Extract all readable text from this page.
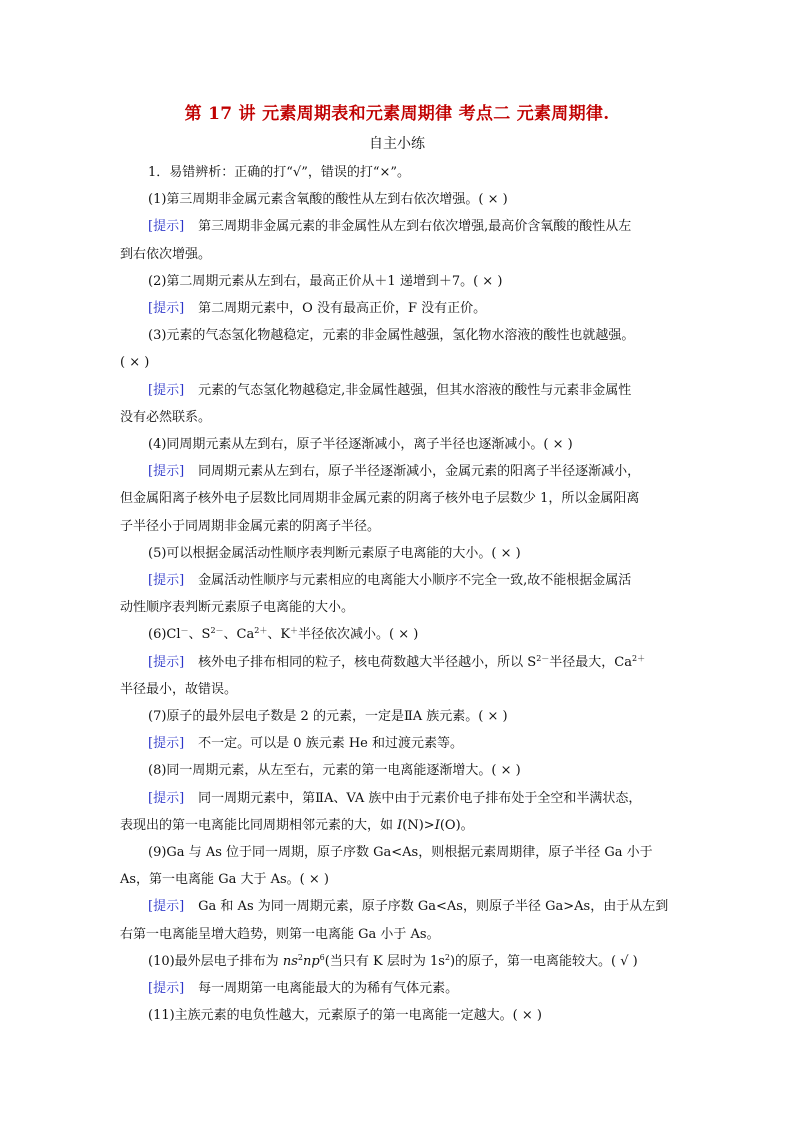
第 17 讲 元素周期表和元素周期律 考点二 元素周期律.
自主小练
1．易错辨析：正确的打“√”，错误的打“×”。
(1)第三周期非金属元素含氧酸的酸性从左到右依次增强。( × )
[提示] 第三周期非金属元素的非金属性从左到右依次增强,最高价含氧酸的酸性从左
到右依次增强。
(2)第二周期元素从左到右，最高正价从＋1 递增到＋7。( × )
[提示] 第二周期元素中，O 没有最高正价，F 没有正价。
(3)元素的气态氢化物越稳定，元素的非金属性越强，氢化物水溶液的酸性也就越强。
( × )
[提示] 元素的气态氢化物越稳定,非金属性越强，但其水溶液的酸性与元素非金属性
没有必然联系。
(4)同周期元素从左到右，原子半径逐渐减小，离子半径也逐渐减小。( × )
[提示] 同周期元素从左到右，原子半径逐渐减小，金属元素的阳离子半径逐渐减小，
但金属阳离子核外电子层数比同周期非金属元素的阴离子核外电子层数少 1，所以金属阳离
子半径小于同周期非金属元素的阴离子半径。
(5)可以根据金属活动性顺序表判断元素原子电离能的大小。( × )
[提示] 金属活动性顺序与元素相应的电离能大小顺序不完全一致,故不能根据金属活
动性顺序表判断元素原子电离能的大小。
(6)Cl－、$S^{2-}$、$Ca^{2+}$、K＋半径依次减小。( × )
[提示] 核外电子排布相同的粒子，核电荷数越大半径越小，所以 $S^{2-}$半径最大，$Ca^{2+}$
半径最小，故错误。
(7)原子的最外层电子数是 2 的元素，一定是ⅡA 族元素。( × )
[提示] 不一定。可以是 0 族元素 He 和过渡元素等。
(8)同一周期元素，从左至右，元素的第一电离能逐渐增大。( × )
[提示] 同一周期元素中，第ⅡA、VA 族中由于元素价电子排布处于全空和半满状态，
表现出的第一电离能比同周期相邻元素的大，如 I(N)>I(O)。
(9)Ga 与 As 位于同一周期，原子序数 Ga<As，则根据元素周期律，原子半径 Ga 小于
As，第一电离能 Ga 大于 As。( × )
[提示] Ga 和 As 为同一周期元素，原子序数 Ga<As，则原子半径 Ga>As，由于从左到
右第一电离能呈增大趋势，则第一电离能 Ga 小于 As。
(10)最外层电子排布为 $ns^2np^6$(当只有 K 层时为 $1s^2$)的原子，第一电离能较大。( √ )
[提示] 每一周期第一电离能最大的为稀有气体元素。
(11)主族元素的电负性越大，元素原子的第一电离能一定越大。( × )
